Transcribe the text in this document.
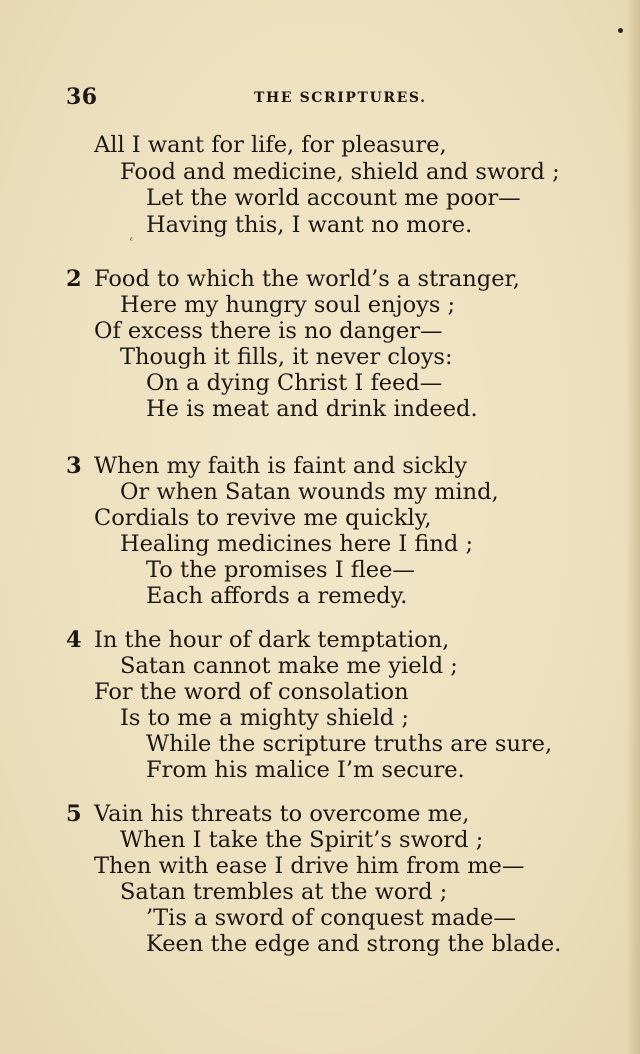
36	THE SCRIPTURES.
All I want for life, for pleasure,
Food and medicine, shield and sword ;
Let the world account me poor—
Having this, I want no more.
ᵋ
2 Food to which the world’s a stranger,
Here my hungry soul enjoys ;
Of excess there is no danger—
Though it fills, it never cloys:
On a dying Christ I feed—
He is meat and drink indeed.
3 When my faith is faint and sickly
Or when Satan wounds my mind,
Cordials to revive me quickly,
Healing medicines here I find ;
To the promises I flee—
Each affords a remedy.
4 In the hour of dark temptation,
Satan cannot make me yield ;
For the word of consolation
Is to me a mighty shield ;
While the scripture truths are sure,
From his malice I’m secure.
5 Vain his threats to overcome me,
When I take the Spirit’s sword ;
Then with ease I drive him from me—
Satan trembles at the word ;
’Tis a sword of conquest made—
Keen the edge and strong the blade.
